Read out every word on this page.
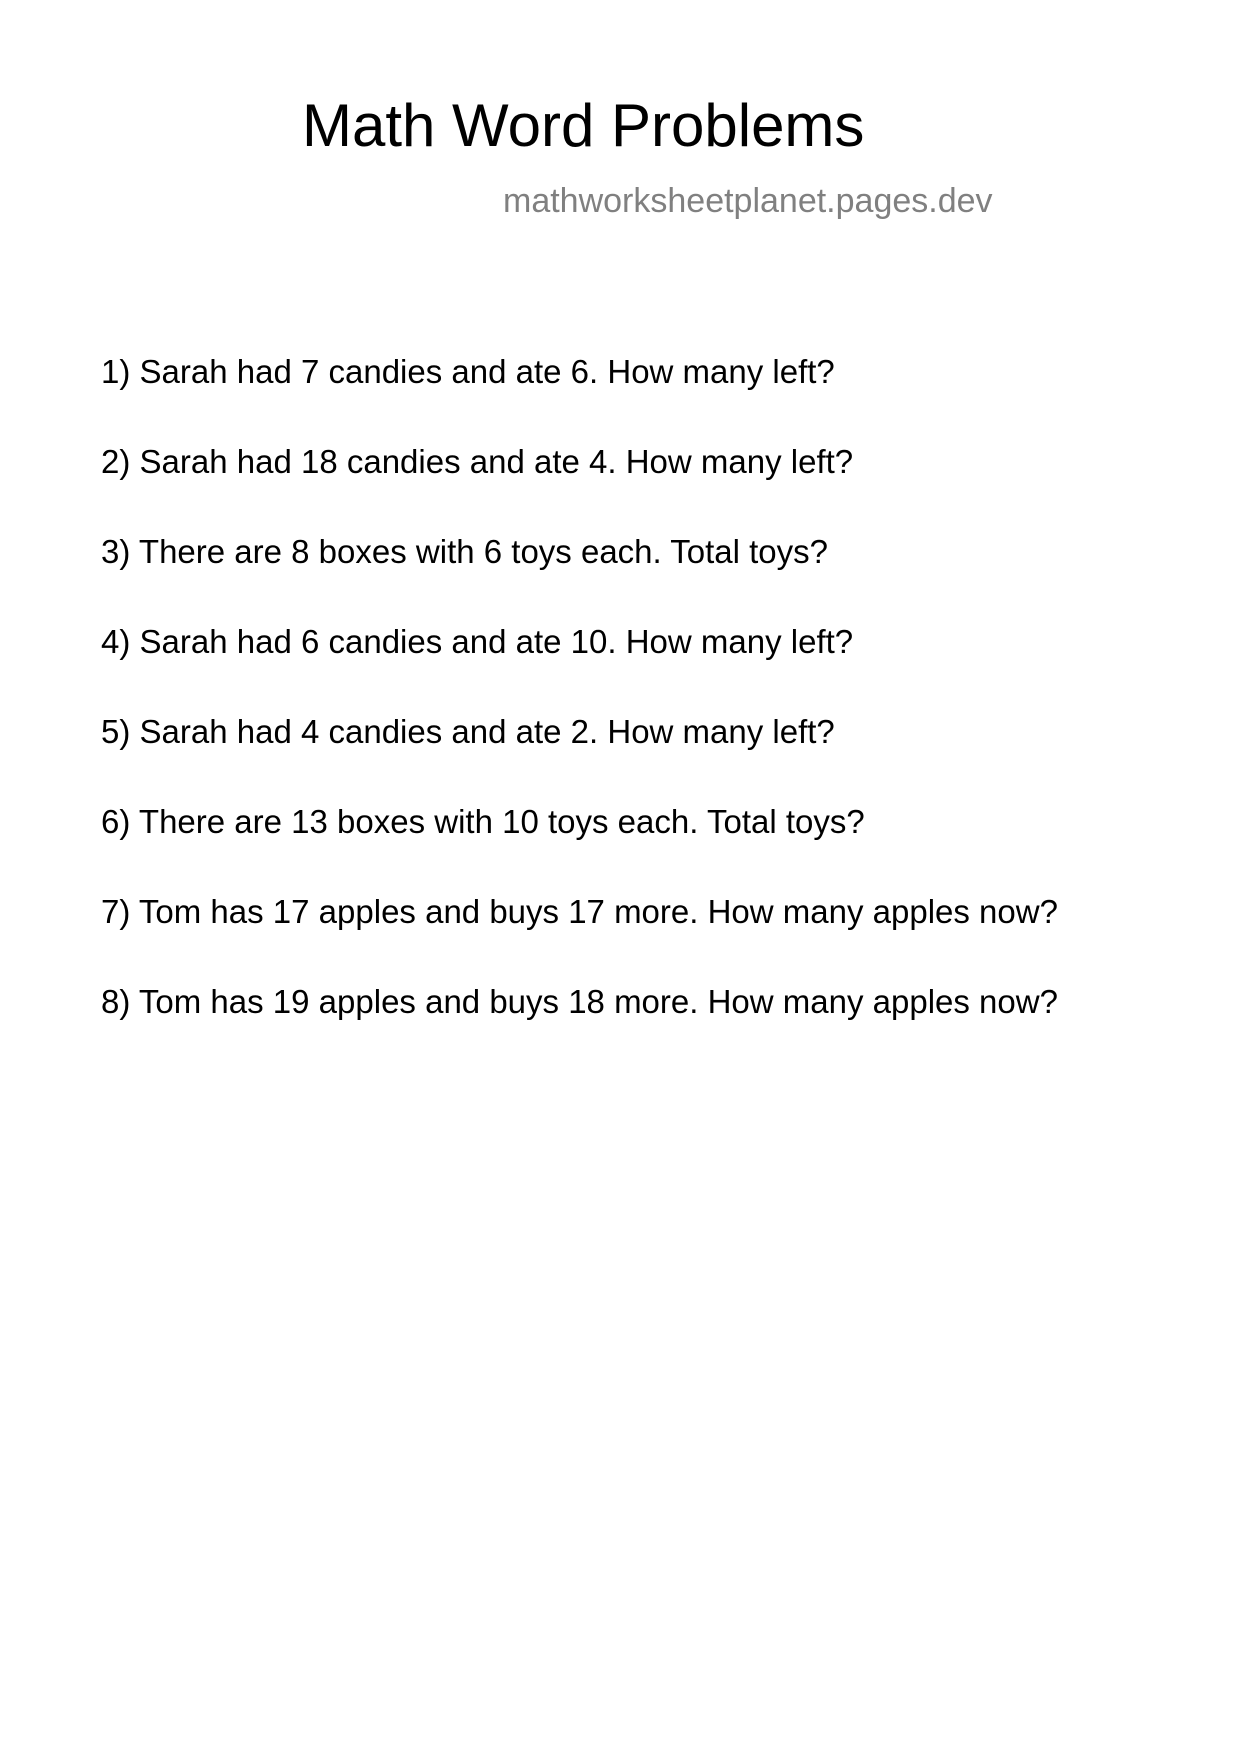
Math Word Problems
mathworksheetplanet.pages.dev
1) Sarah had 7 candies and ate 6. How many left?
2) Sarah had 18 candies and ate 4. How many left?
3) There are 8 boxes with 6 toys each. Total toys?
4) Sarah had 6 candies and ate 10. How many left?
5) Sarah had 4 candies and ate 2. How many left?
6) There are 13 boxes with 10 toys each. Total toys?
7) Tom has 17 apples and buys 17 more. How many apples now?
8) Tom has 19 apples and buys 18 more. How many apples now?
